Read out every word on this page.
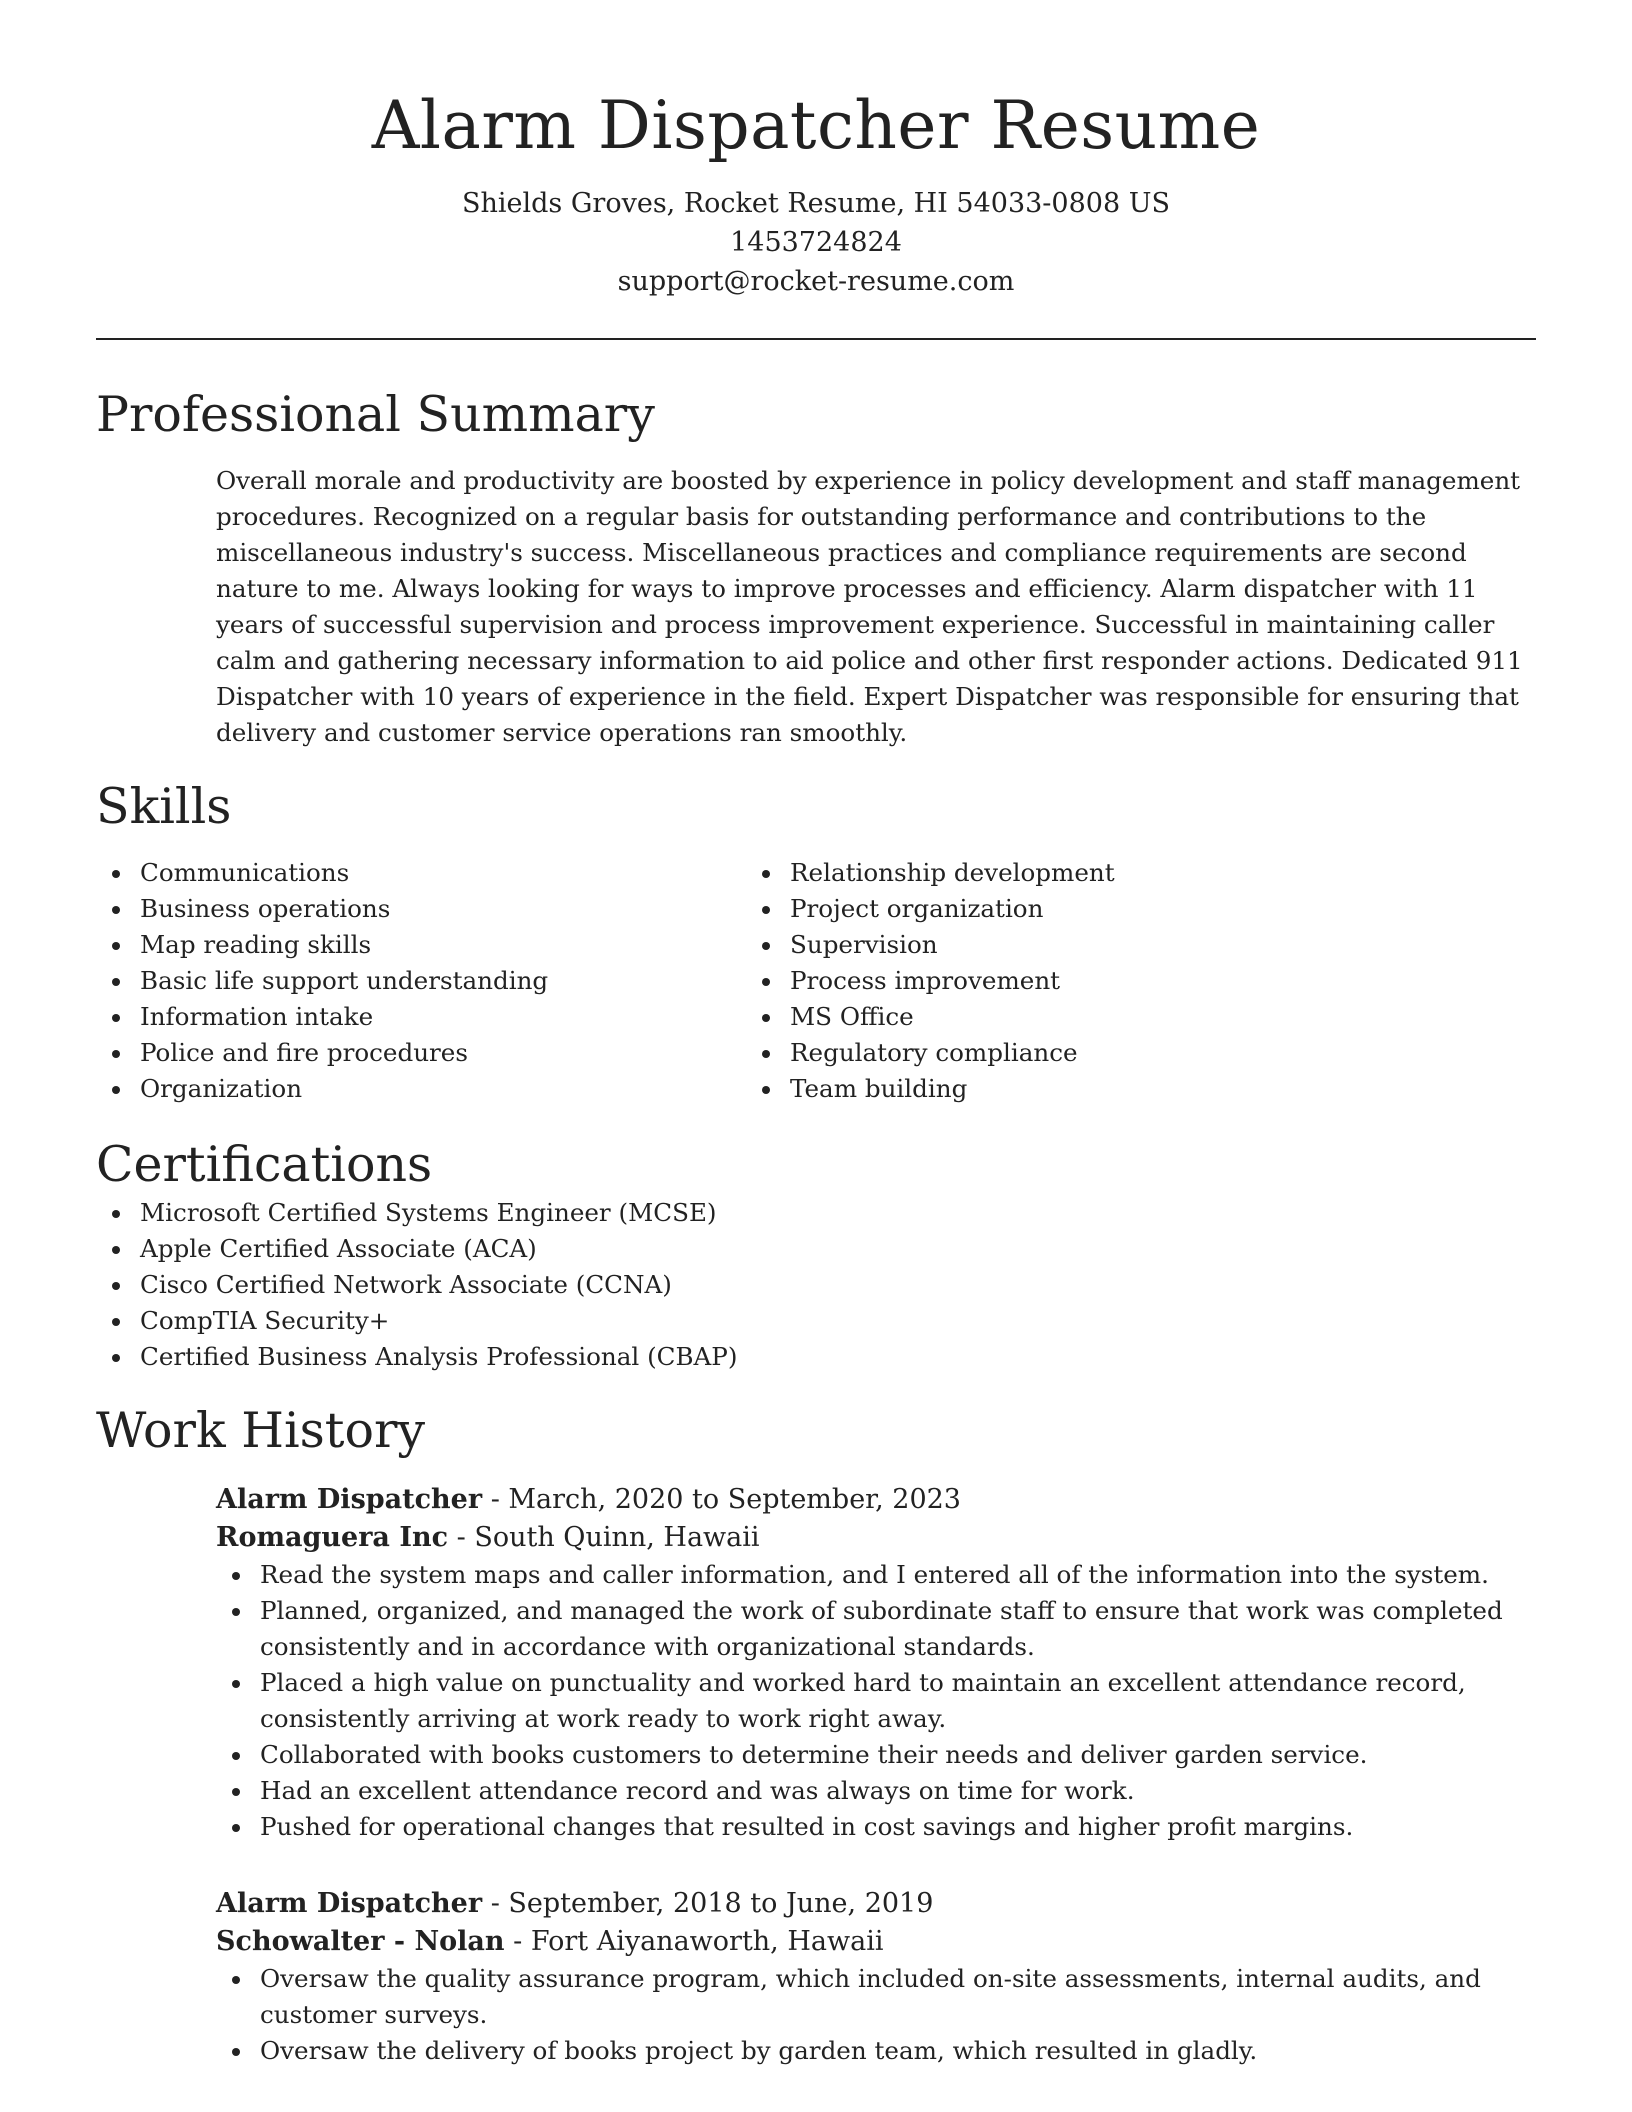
Alarm Dispatcher Resume
Shields Groves, Rocket Resume, HI 54033-0808 US
1453724824
support@rocket-resume.com
Professional Summary

Overall morale and productivity are boosted by experience in policy development and staff management procedures. Recognized on a regular basis for outstanding performance and contributions to the miscellaneous industry's success. Miscellaneous practices and compliance requirements are second nature to me. Always looking for ways to improve processes and efficiency. Alarm dispatcher with 11 years of successful supervision and process improvement experience. Successful in maintaining caller calm and gathering necessary information to aid police and other first responder actions. Dedicated 911 Dispatcher with 10 years of experience in the field. Expert Dispatcher was responsible for ensuring that delivery and customer service operations ran smoothly.

Skills
Communications
Business operations
Map reading skills
Basic life support understanding
Information intake
Police and fire procedures
Organization
Relationship development
Project organization
Supervision
Process improvement
MS Office
Regulatory compliance
Team building
Certifications
Microsoft Certified Systems Engineer (MCSE)
Apple Certified Associate (ACA)
Cisco Certified Network Associate (CCNA)
CompTIA Security+
Certified Business Analysis Professional (CBAP)
Work History
Alarm Dispatcher - March, 2020 to September, 2023
Romaguera Inc - South Quinn, Hawaii
Read the system maps and caller information, and I entered all of the information into the system.
Planned, organized, and managed the work of subordinate staff to ensure that work was completed consistently and in accordance with organizational standards.
Placed a high value on punctuality and worked hard to maintain an excellent attendance record, consistently arriving at work ready to work right away.
Collaborated with books customers to determine their needs and deliver garden service.
Had an excellent attendance record and was always on time for work.
Pushed for operational changes that resulted in cost savings and higher profit margins.
Alarm Dispatcher - September, 2018 to June, 2019
Schowalter - Nolan - Fort Aiyanaworth, Hawaii
Oversaw the quality assurance program, which included on-site assessments, internal audits, and customer surveys.
Oversaw the delivery of books project by garden team, which resulted in gladly.
